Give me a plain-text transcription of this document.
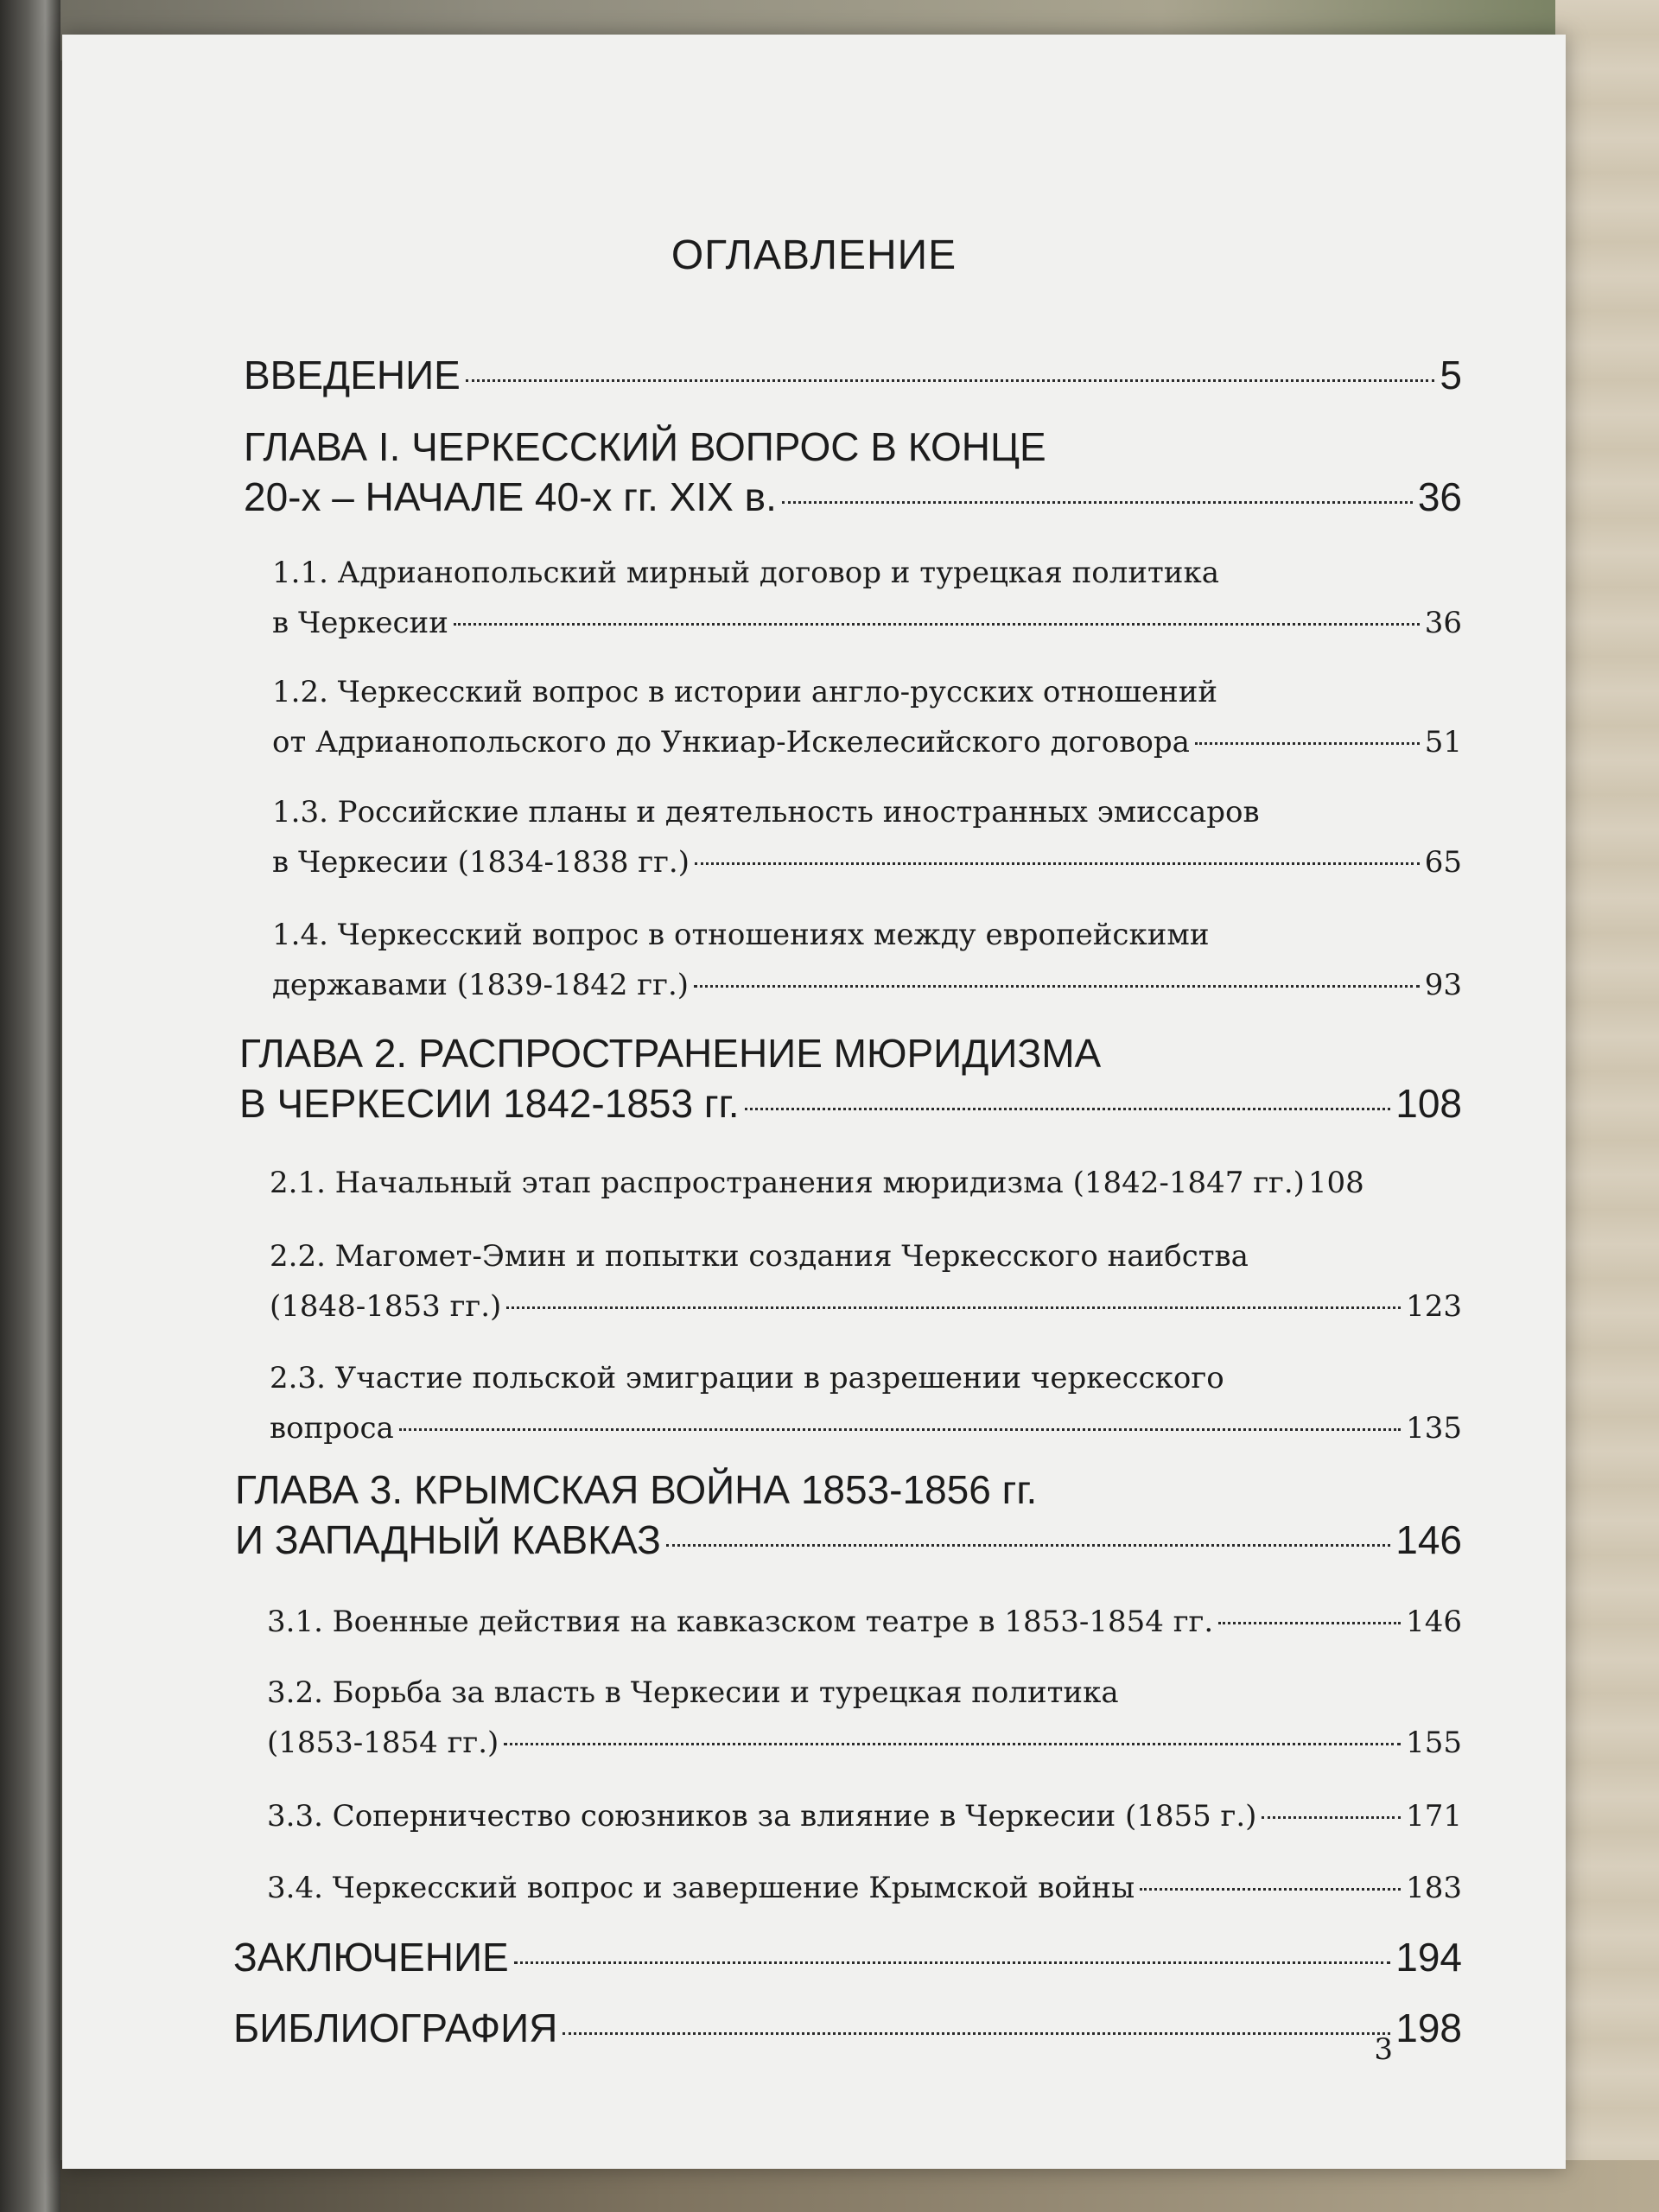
ОГЛАВЛЕНИЕ
ВВЕДЕНИЕ	5
ГЛАВА I. ЧЕРКЕССКИЙ ВОПРОС В КОНЦЕ
20-х – НАЧАЛЕ 40-х гг. XIX в.	36
1.1. Адрианопольский мирный договор и турецкая политика
в Черкесии	36
1.2. Черкесский вопрос в истории англо-русских отношений
от Адрианопольского до Ункиар-Искелесийского договора	51
1.3. Российские планы и деятельность иностранных эмиссаров
в Черкесии (1834-1838 гг.)	65
1.4. Черкесский вопрос в отношениях между европейскими
державами (1839-1842 гг.)	93
ГЛАВА 2. РАСПРОСТРАНЕНИЕ МЮРИДИЗМА
В ЧЕРКЕСИИ 1842-1853 гг.	108
2.1. Начальный этап распространения мюридизма (1842-1847 гг.) 108
2.2. Магомет-Эмин и попытки создания Черкесского наибства
(1848-1853 гг.)	123
2.3. Участие польской эмиграции в разрешении черкесского
вопроса	135
ГЛАВА 3. КРЫМСКАЯ ВОЙНА 1853-1856 гг.
И ЗАПАДНЫЙ КАВКАЗ	146
3.1. Военные действия на кавказском театре в 1853-1854 гг.	146
3.2. Борьба за власть в Черкесии и турецкая политика
(1853-1854 гг.)	155
3.3. Соперничество союзников за влияние в Черкесии (1855 г.)	171
3.4. Черкесский вопрос и завершение Крымской войны	183
ЗАКЛЮЧЕНИЕ	194
БИБЛИОГРАФИЯ	198
3
